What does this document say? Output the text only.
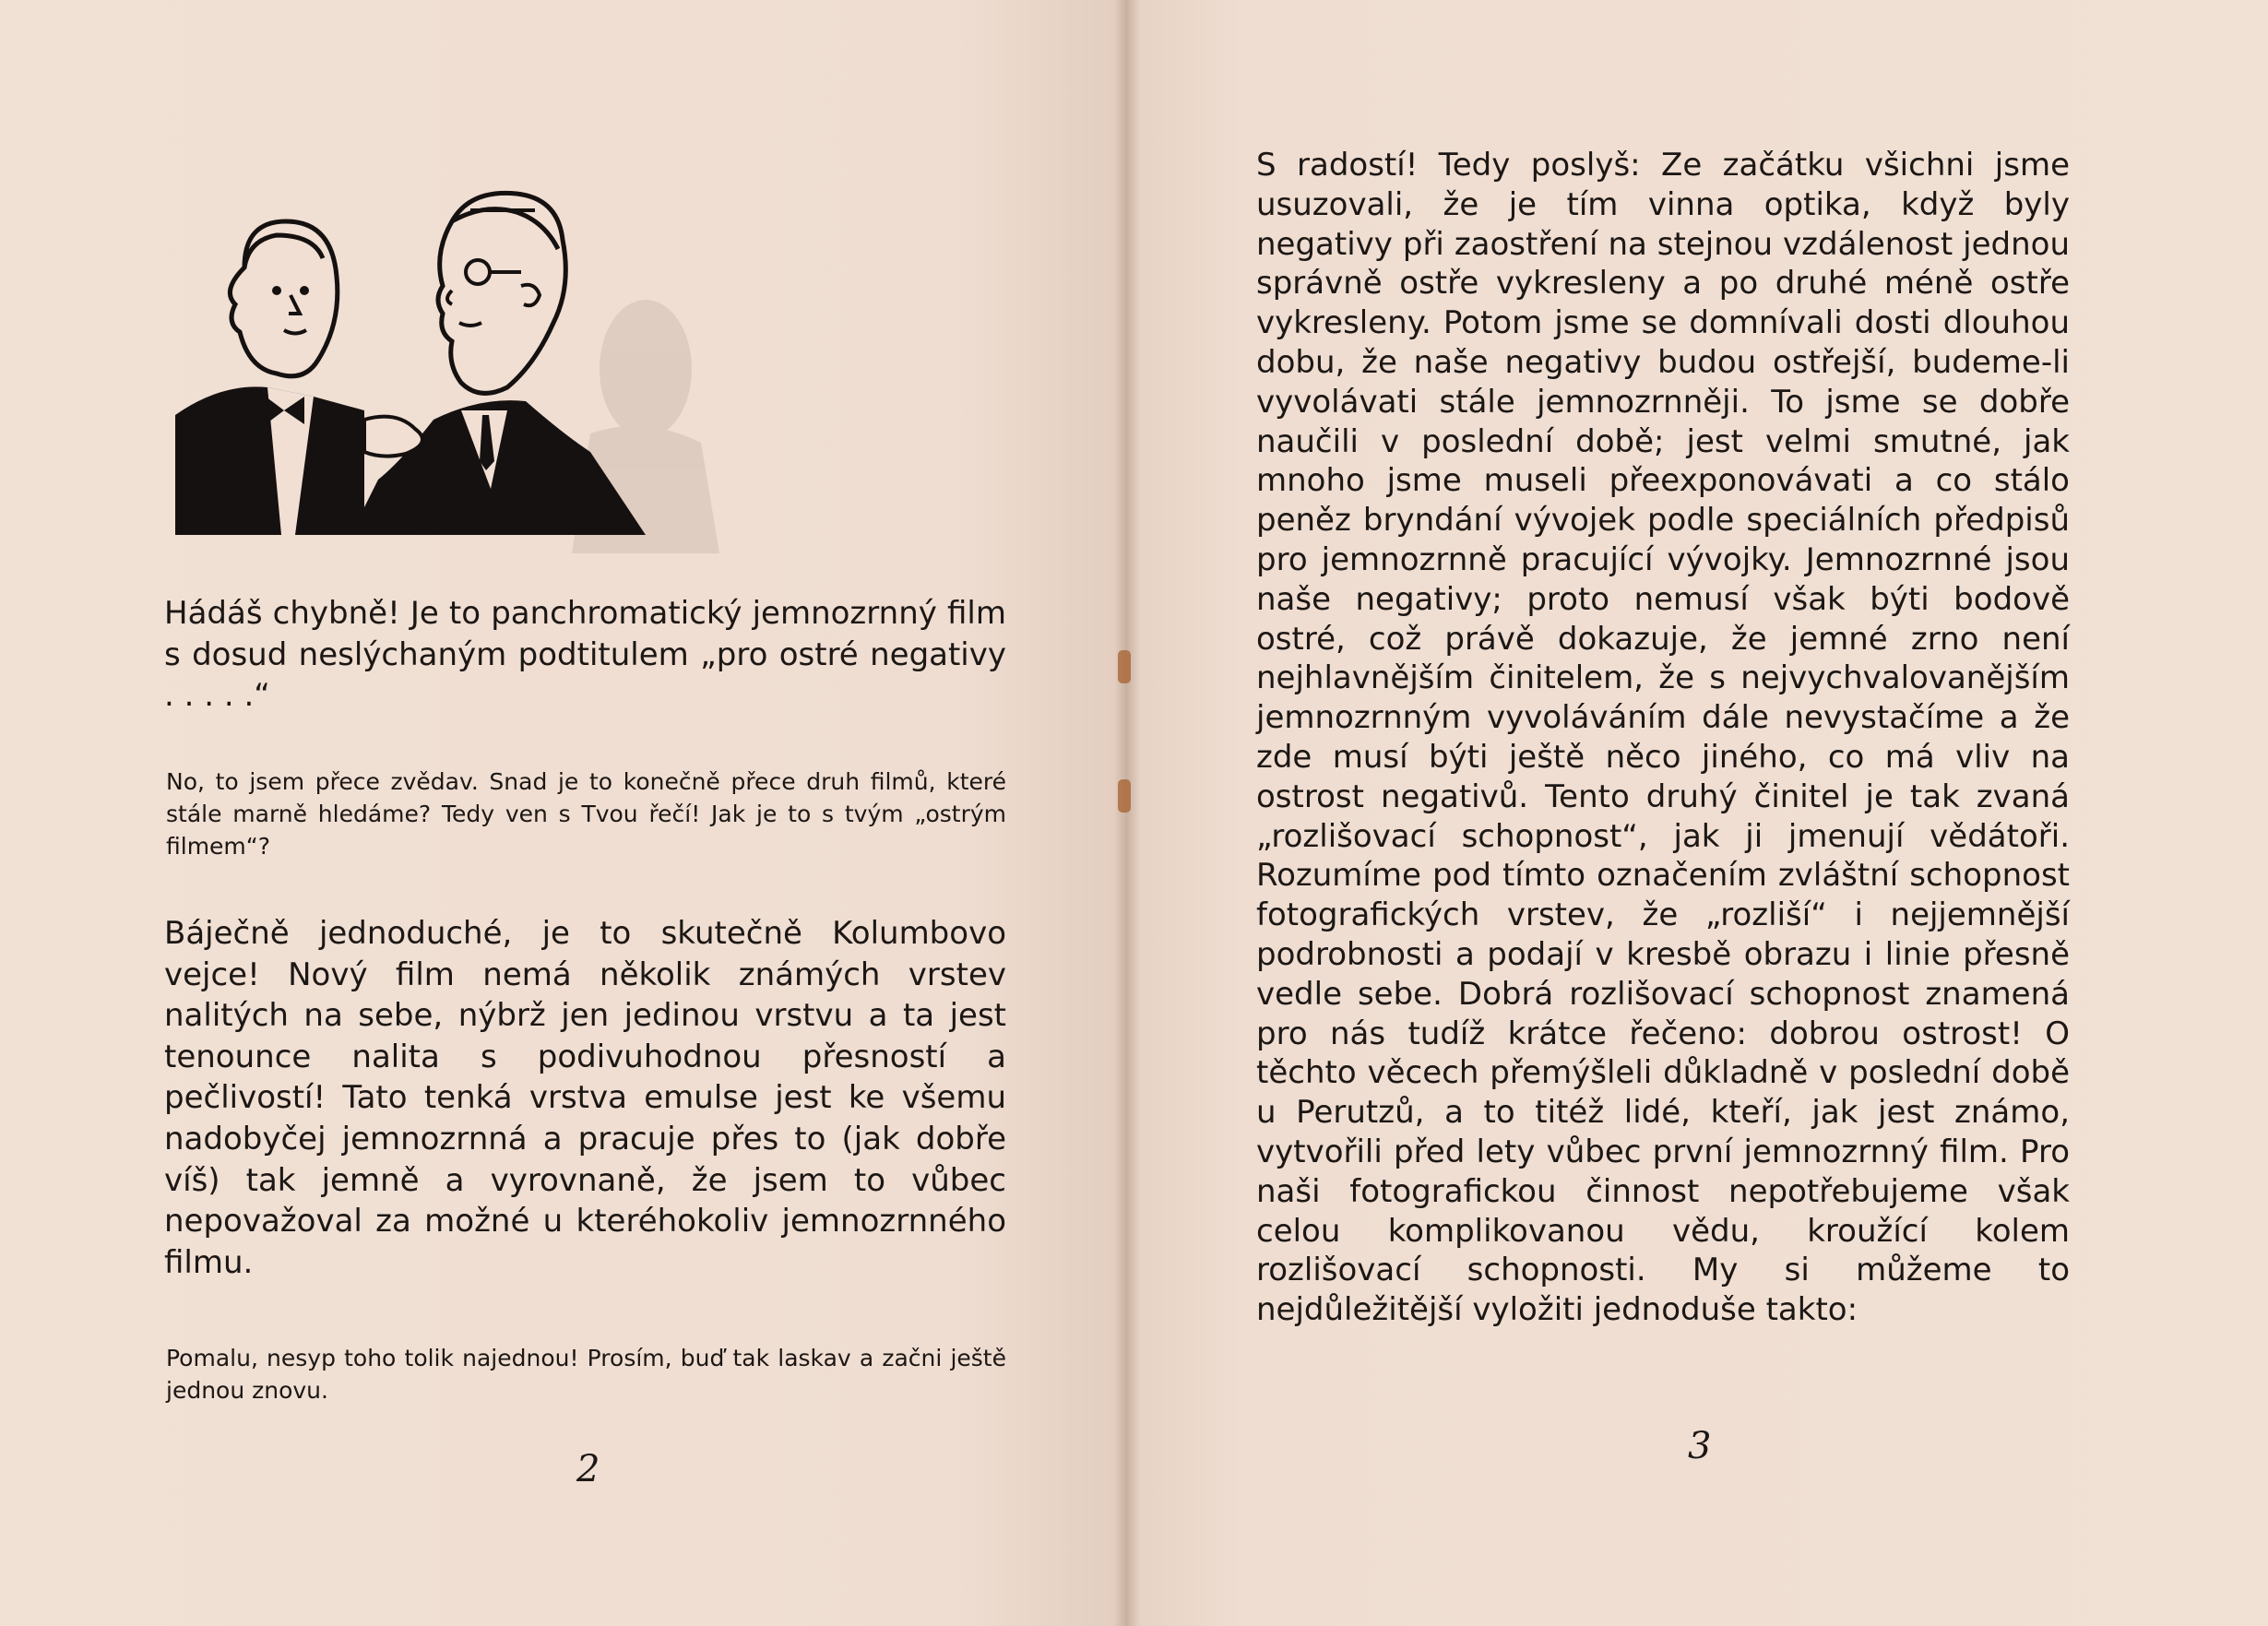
Hádáš chybně! Je to panchromatický jemnozrnný film s dosud neslýchaným podtitulem „pro ostré negativy . . . . .“

No, to jsem přece zvědav. Snad je to konečně přece druh filmů, které stále marně hledáme? Tedy ven s Tvou řečí! Jak je to s tvým „ostrým filmem“?

Báječně jednoduché, je to skutečně Kolumbovo vejce! Nový film nemá několik známých vrstev nalitých na sebe, nýbrž jen jedinou vrstvu a ta jest tenounce nalita s podivuhodnou přesností a pečlivostí! Tato tenká vrstva emulse jest ke všemu nadobyčej jemnozrnná a pracuje přes to (jak dobře víš) tak jemně a vyrovnaně, že jsem to vůbec nepovažoval za možné u kteréhokoliv jemnozrnného filmu.

Pomalu, nesyp toho tolik najednou! Prosím, buď tak laskav a začni ještě jednou znovu.

2

S radostí! Tedy poslyš: Ze začátku všichni jsme usuzovali, že je tím vinna optika, když byly negativy při zaostření na stejnou vzdálenost jednou správně ostře vykresleny a po druhé méně ostře vykresleny. Potom jsme se domnívali dosti dlouhou dobu, že naše negativy budou ostřejší, budeme-li vyvolávati stále jemnozrnněji. To jsme se dobře naučili v poslední době; jest velmi smutné, jak mnoho jsme museli přeexponovávati a co stálo peněz bryndání vývojek podle speciálních předpisů pro jemnozrnně pracující vývojky. Jemnozrnné jsou naše negativy; proto nemusí však býti bodově ostré, což právě dokazuje, že jemné zrno není nejhlavnějším činitelem, že s nejvychvalovanějším jemnozrnným vyvoláváním dále nevystačíme a že zde musí býti ještě něco jiného, co má vliv na ostrost negativů. Tento druhý činitel je tak zvaná „rozlišovací schopnost“, jak ji jmenují vědátoři. Rozumíme pod tímto označením zvláštní schopnost fotografických vrstev, že „rozliší“ i nejjemnější podrobnosti a podají v kresbě obrazu i linie přesně vedle sebe. Dobrá rozlišovací schopnost znamená pro nás tudíž krátce řečeno: dobrou ostrost! O těchto věcech přemýšleli důkladně v poslední době u Perutzů, a to titéž lidé, kteří, jak jest známo, vytvořili před lety vůbec první jemnozrnný film. Pro naši fotografickou činnost nepotřebujeme však celou komplikovanou vědu, kroužící kolem rozlišovací schopnosti. My si můžeme to nejdůležitější vyložiti jednoduše takto:

3
